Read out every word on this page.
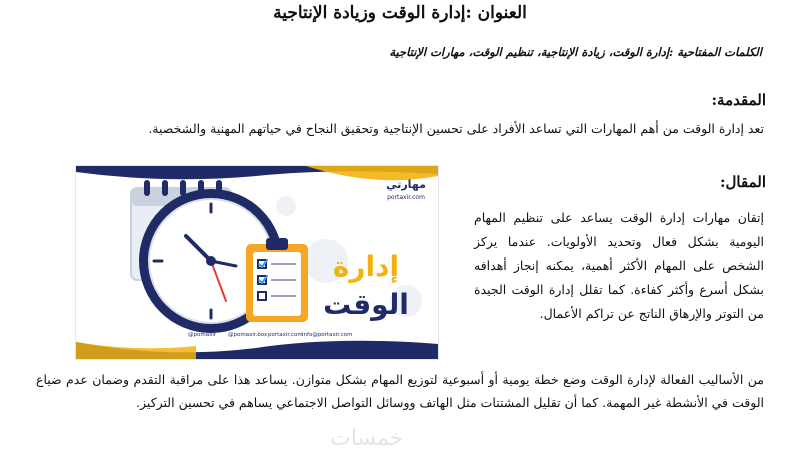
العنوان :إدارة الوقت وزيادة الإنتاجية
الكلمات المفتاحية :إدارة الوقت، زيادة الإنتاجية، تنظيم الوقت، مهارات الإنتاجية
المقدمة:
تعد إدارة الوقت من أهم المهارات التي تساعد الأفراد على تحسين الإنتاجية وتحقيق النجاح في حياتهم المهنية والشخصية.
المقال:
مهارتي
portaxir.com
إدارة
الوقت
@pomaxir @pomaxir.box portaxir.com info@portaxir.com
إتقان مهارات إدارة الوقت يساعد على تنظيم المهام اليومية بشكل فعال وتحديد الأولويات. عندما يركز الشخص على المهام الأكثر أهمية، يمكنه إنجاز أهدافه بشكل أسرع وأكثر كفاءة. كما تقلل إدارة الوقت الجيدة من التوتر والإرهاق الناتج عن تراكم الأعمال.
من الأساليب الفعالة لإدارة الوقت وضع خطة يومية أو أسبوعية لتوزيع المهام بشكل متوازن. يساعد هذا على مراقبة التقدم وضمان عدم ضياع الوقت في الأنشطة غير المهمة. كما أن تقليل المشتتات مثل الهاتف ووسائل التواصل الاجتماعي يساهم في تحسين التركيز.
خمسات
